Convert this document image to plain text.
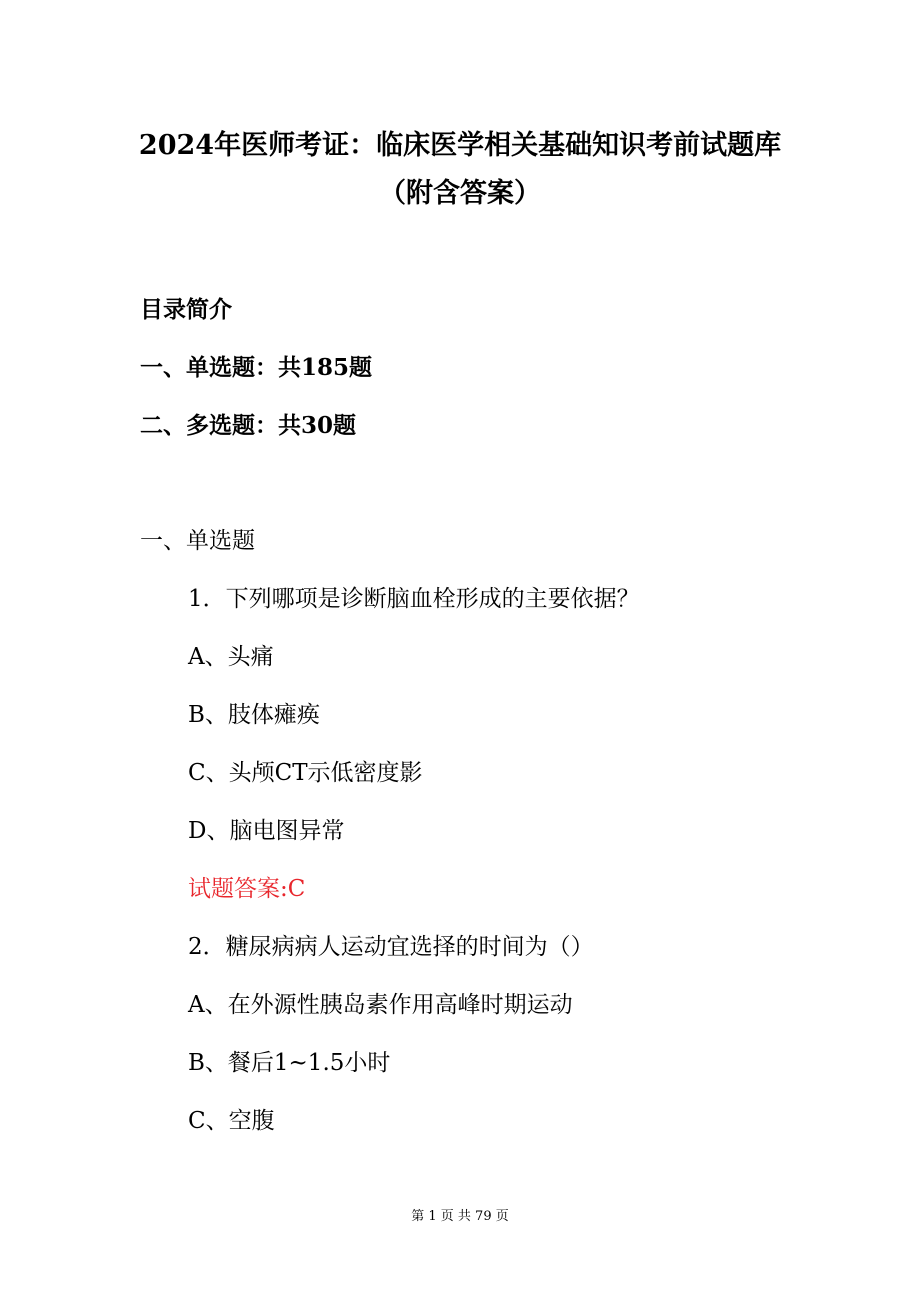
2024年医师考证：临床医学相关基础知识考前试题库
（附含答案）
目录简介
一、单选题：共185题
二、多选题：共30题
一、单选题
1．下列哪项是诊断脑血栓形成的主要依据？
A、头痛
B、肢体瘫痪
C、头颅CT示低密度影
D、脑电图异常
试题答案:C
2．糖尿病病人运动宜选择的时间为（）
A、在外源性胰岛素作用高峰时期运动
B、餐后1~1.5小时
C、空腹
第 1 页 共 79 页
